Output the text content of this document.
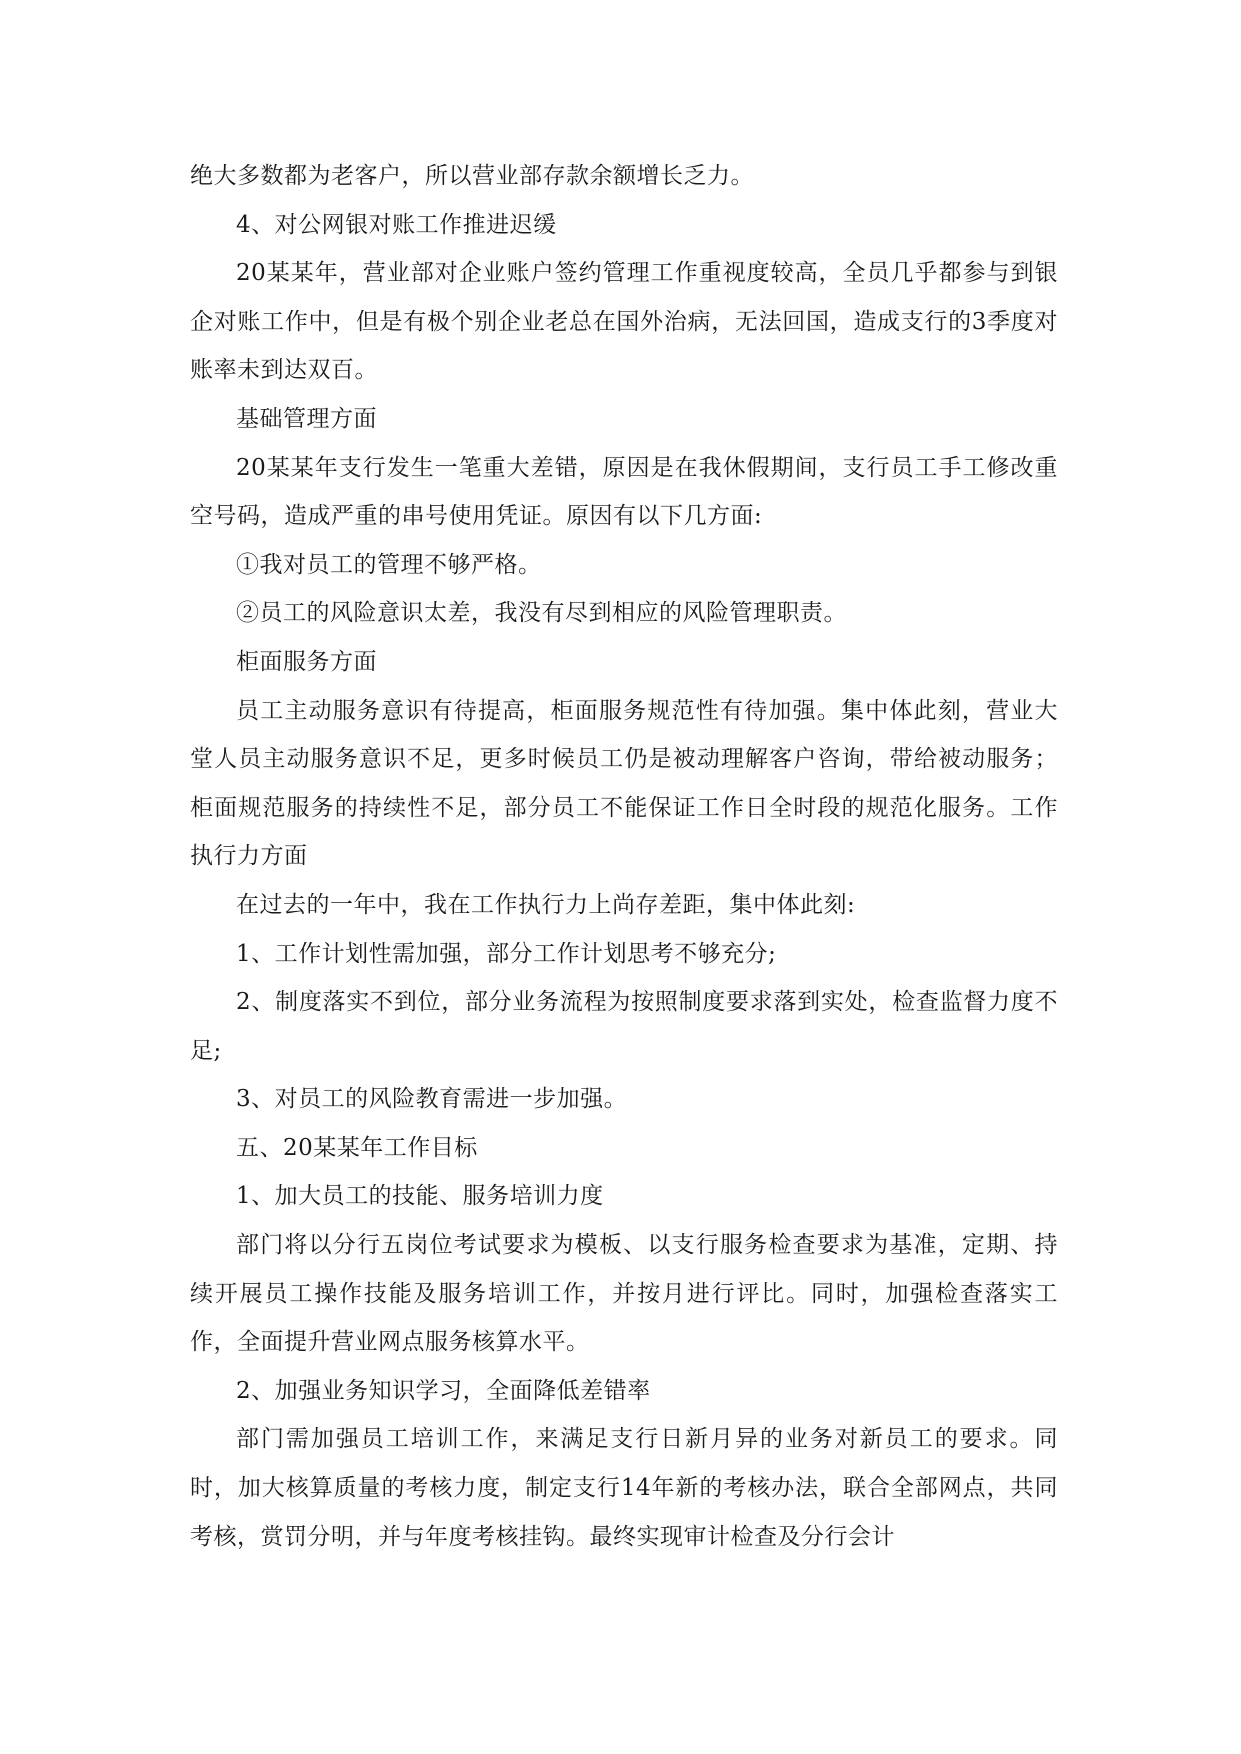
绝大多数都为老客户，所以营业部存款余额增长乏力。

4、对公网银对账工作推进迟缓

20某某年，营业部对企业账户签约管理工作重视度较高，全员几乎都参与到银企对账工作中，但是有极个别企业老总在国外治病，无法回国，造成支行的3季度对账率未到达双百。

基础管理方面

20某某年支行发生一笔重大差错，原因是在我休假期间，支行员工手工修改重空号码，造成严重的串号使用凭证。原因有以下几方面:

①我对员工的管理不够严格。

②员工的风险意识太差，我没有尽到相应的风险管理职责。

柜面服务方面

员工主动服务意识有待提高，柜面服务规范性有待加强。集中体此刻，营业大堂人员主动服务意识不足，更多时候员工仍是被动理解客户咨询，带给被动服务；柜面规范服务的持续性不足，部分员工不能保证工作日全时段的规范化服务。工作执行力方面

在过去的一年中，我在工作执行力上尚存差距，集中体此刻:

1、工作计划性需加强，部分工作计划思考不够充分;

2、制度落实不到位，部分业务流程为按照制度要求落到实处，检查监督力度不足;

3、对员工的风险教育需进一步加强。

五、20某某年工作目标

1、加大员工的技能、服务培训力度

部门将以分行五岗位考试要求为模板、以支行服务检查要求为基准，定期、持续开展员工操作技能及服务培训工作，并按月进行评比。同时，加强检查落实工作，全面提升营业网点服务核算水平。

2、加强业务知识学习，全面降低差错率

部门需加强员工培训工作，来满足支行日新月异的业务对新员工的要求。同时，加大核算质量的考核力度，制定支行14年新的考核办法，联合全部网点，共同考核，赏罚分明，并与年度考核挂钩。最终实现审计检查及分行会计
